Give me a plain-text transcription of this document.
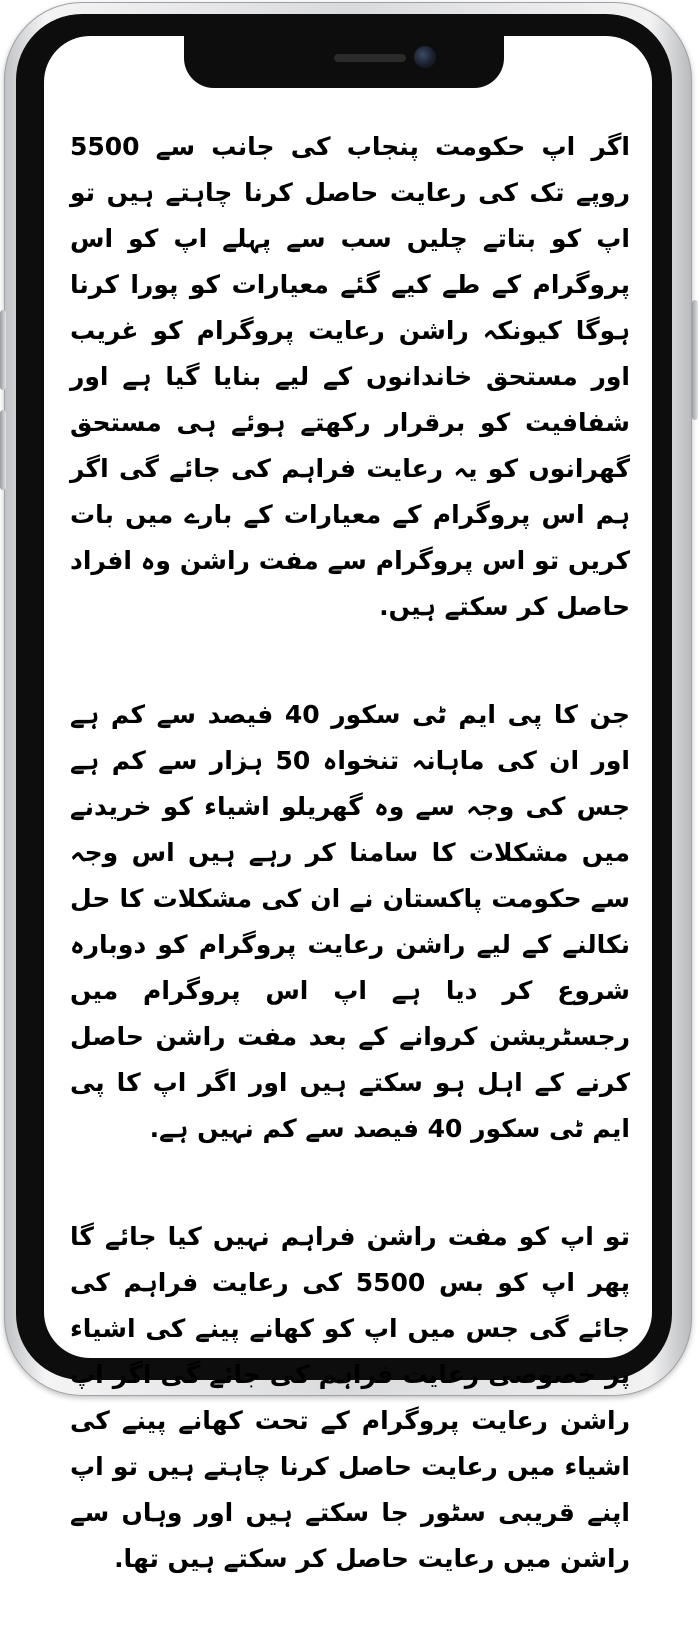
اگر اپ حکومت پنجاب کی جانب سے 5500 روپے تک کی رعایت حاصل کرنا چاہتے ہیں تو اپ کو بتاتے چلیں سب سے پہلے اپ کو اس پروگرام کے طے کیے گئے معیارات کو پورا کرنا ہوگا کیونکہ راشن رعایت پروگرام کو غریب اور مستحق خاندانوں کے لیے بنایا گیا ہے اور شفافیت کو برقرار رکھتے ہوئے ہی مستحق گھرانوں کو یہ رعایت فراہم کی جائے گی اگر ہم اس پروگرام کے معیارات کے بارے میں بات کریں تو اس پروگرام سے مفت راشن وہ افراد حاصل کر سکتے ہیں.

جن کا پی ایم ٹی سکور 40 فیصد سے کم ہے اور ان کی ماہانہ تنخواہ 50 ہزار سے کم ہے جس کی وجہ سے وہ گھریلو اشیاء کو خریدنے میں مشکلات کا سامنا کر رہے ہیں اس وجہ سے حکومت پاکستان نے ان کی مشکلات کا حل نکالنے کے لیے راشن رعایت پروگرام کو دوبارہ شروع کر دیا ہے اپ اس پروگرام میں رجسٹریشن کروانے کے بعد مفت راشن حاصل کرنے کے اہل ہو سکتے ہیں اور اگر اپ کا پی ایم ٹی سکور 40 فیصد سے کم نہیں ہے.

تو اپ کو مفت راشن فراہم نہیں کیا جائے گا پھر اپ کو بس 5500 کی رعایت فراہم کی جائے گی جس میں اپ کو کھانے پینے کی اشیاء پر خصوصی رعایت فراہم کی جائے گی اگر اپ راشن رعایت پروگرام کے تحت کھانے پینے کی اشیاء میں رعایت حاصل کرنا چاہتے ہیں تو اپ اپنے قریبی سٹور جا سکتے ہیں اور وہاں سے راشن میں رعایت حاصل کر سکتے ہیں تھا.
